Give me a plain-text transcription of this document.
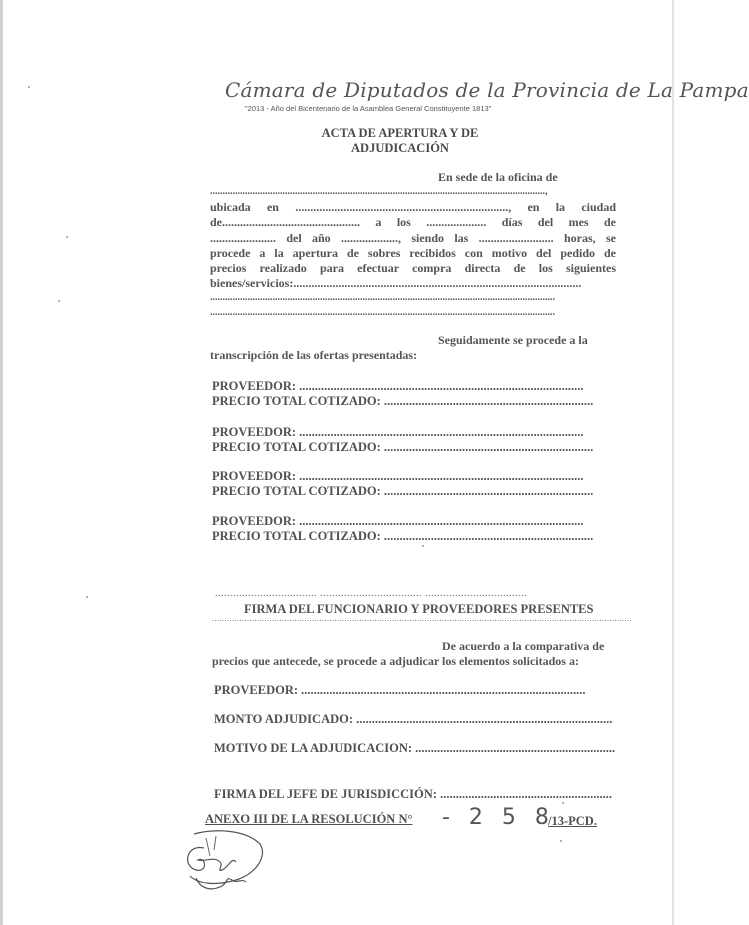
Cámara de Diputados de la Provincia de La Pampa
"2013 - Año del Bicentenario de la Asamblea General Constituyente 1813"
ACTA DE APERTURA Y DE ADJUDICACIÓN
En sede de la oficina de
......................................................................................................................................,
ubicada en ......................................................................., en la ciudad
de.............................................. a los .................... días del mes de
...................... del año ..................., siendo las ......................... horas, se
procede a la apertura de sobres recibidos con motivo del pedido de
precios realizado para efectuar compra directa de los siguientes
bienes/servicios:................................................................................................
..........................................................................................................................................
..........................................................................................................................................
Seguidamente se procede a la
transcripción de las ofertas presentadas:
PROVEEDOR: ...........................................................................................
PRECIO TOTAL COTIZADO: ...................................................................
PROVEEDOR: ...........................................................................................
PRECIO TOTAL COTIZADO: ...................................................................
PROVEEDOR: ...........................................................................................
PRECIO TOTAL COTIZADO: ...................................................................
PROVEEDOR: ...........................................................................................
PRECIO TOTAL COTIZADO: ...................................................................
.................................. .................................. ..................................
FIRMA DEL FUNCIONARIO Y PROVEEDORES PRESENTES
........................................................................................................................................................................
De acuerdo a la comparativa de
precios que antecede, se procede a adjudicar los elementos solicitados a:
PROVEEDOR: ...........................................................................................
MONTO ADJUDICADO: ..................................................................................
MOTIVO DE LA ADJUDICACION: ................................................................
FIRMA DEL JEFE DE JURISDICCIÓN: .......................................................
ANEXO III DE LA RESOLUCIÓN N° - 2 5 8
/13-PCD.
